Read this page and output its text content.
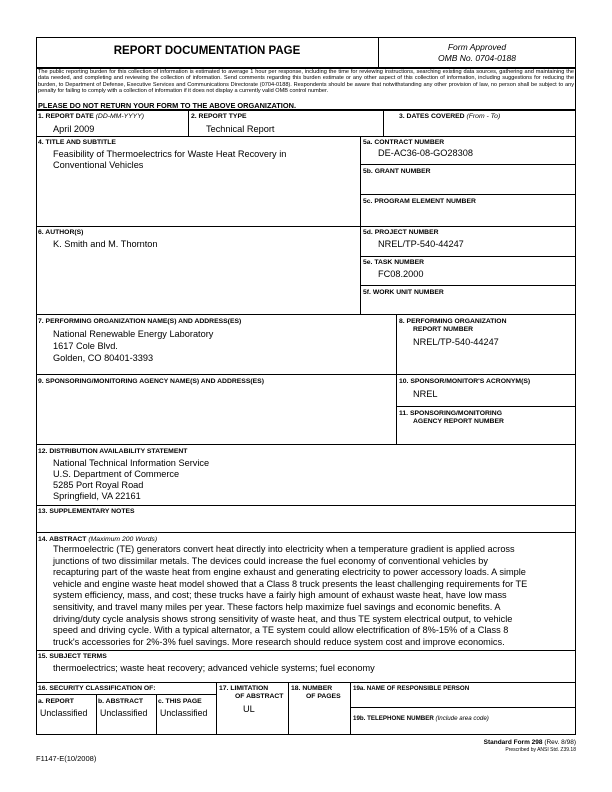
REPORT DOCUMENTATION PAGE	Form Approved
OMB No. 0704-0188
The public reporting burden for this collection of information is estimated to average 1 hour per response, including the time for reviewing instructions, searching existing data sources, gathering and maintaining the data needed, and completing and reviewing the collection of information. Send comments regarding this burden estimate or any other aspect of this collection of information, including suggestions for reducing the burden, to Department of Defense, Executive Services and Communications Directorate (0704-0188). Respondents should be aware that notwithstanding any other provision of law, no person shall be subject to any penalty for failing to comply with a collection of information if it does not display a currently valid OMB control number.
PLEASE DO NOT RETURN YOUR FORM TO THE ABOVE ORGANIZATION.
1. REPORT DATE (DD-MM-YYYY)
April 2009
2. REPORT TYPE
Technical Report
3. DATES COVERED (From - To)
4. TITLE AND SUBTITLE
Feasibility of Thermoelectrics for Waste Heat Recovery in
Conventional Vehicles
5a. CONTRACT NUMBER
DE-AC36-08-GO28308
5b. GRANT NUMBER
5c. PROGRAM ELEMENT NUMBER
6. AUTHOR(S)
K. Smith and M. Thornton
5d. PROJECT NUMBER
NREL/TP-540-44247
5e. TASK NUMBER
FC08.2000
5f. WORK UNIT NUMBER
7. PERFORMING ORGANIZATION NAME(S) AND ADDRESS(ES)
National Renewable Energy Laboratory
1617 Cole Blvd.
Golden, CO 80401-3393
8. PERFORMING ORGANIZATION
REPORT NUMBER
NREL/TP-540-44247
9. SPONSORING/MONITORING AGENCY NAME(S) AND ADDRESS(ES)	10. SPONSOR/MONITOR'S ACRONYM(S)
NREL
11. SPONSORING/MONITORING
AGENCY REPORT NUMBER
12. DISTRIBUTION AVAILABILITY STATEMENT
National Technical Information Service
U.S. Department of Commerce
5285 Port Royal Road
Springfield, VA 22161
13. SUPPLEMENTARY NOTES
14. ABSTRACT (Maximum 200 Words)
Thermoelectric (TE) generators convert heat directly into electricity when a temperature gradient is applied across
junctions of two dissimilar metals. The devices could increase the fuel economy of conventional vehicles by
recapturing part of the waste heat from engine exhaust and generating electricity to power accessory loads. A simple
vehicle and engine waste heat model showed that a Class 8 truck presents the least challenging requirements for TE
system efficiency, mass, and cost; these trucks have a fairly high amount of exhaust waste heat, have low mass
sensitivity, and travel many miles per year. These factors help maximize fuel savings and economic benefits. A
driving/duty cycle analysis shows strong sensitivity of waste heat, and thus TE system electrical output, to vehicle
speed and driving cycle. With a typical alternator, a TE system could allow electrification of 8%-15% of a Class 8
truck's accessories for 2%-3% fuel savings. More research should reduce system cost and improve economics.
15. SUBJECT TERMS
thermoelectrics; waste heat recovery; advanced vehicle systems; fuel economy
16. SECURITY CLASSIFICATION OF:
a. REPORT
Unclassified
b. ABSTRACT
Unclassified
c. THIS PAGE
Unclassified
17. LIMITATION
OF ABSTRACT
UL
18. NUMBER
OF PAGES
19a. NAME OF RESPONSIBLE PERSON
19b. TELEPHONE NUMBER (Include area code)
Standard Form 298 (Rev. 8/98)
Prescribed by ANSI Std. Z39.18
F1147-E(10/2008)
